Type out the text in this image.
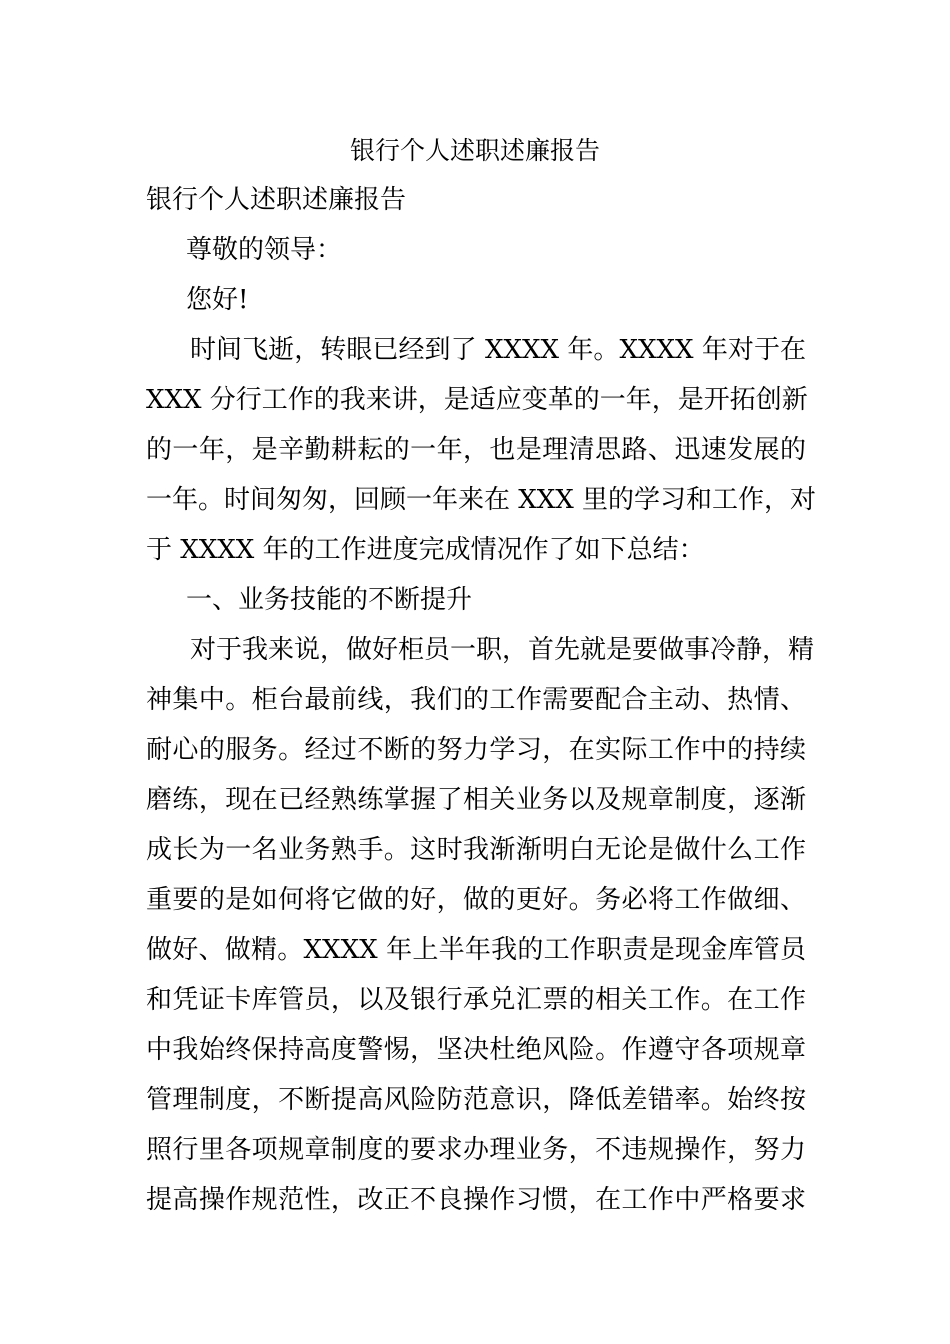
银行个人述职述廉报告

银行个人述职述廉报告

尊敬的领导：

您好!

时间飞逝，转眼已经到了 XXXX 年。XXXX 年对于在

XXX 分行工作的我来讲，是适应变革的一年，是开拓创新

的一年，是辛勤耕耘的一年，也是理清思路、迅速发展的

一年。时间匆匆，回顾一年来在 XXX 里的学习和工作，对

于 XXXX 年的工作进度完成情况作了如下总结：

一、业务技能的不断提升

对于我来说，做好柜员一职，首先就是要做事冷静，精

神集中。柜台最前线，我们的工作需要配合主动、热情、

耐心的服务。经过不断的努力学习，在实际工作中的持续

磨练，现在已经熟练掌握了相关业务以及规章制度，逐渐

成长为一名业务熟手。这时我渐渐明白无论是做什么工作

重要的是如何将它做的好，做的更好。务必将工作做细、

做好、做精。XXXX 年上半年我的工作职责是现金库管员

和凭证卡库管员，以及银行承兑汇票的相关工作。在工作

中我始终保持高度警惕，坚决杜绝风险。作遵守各项规章

管理制度，不断提高风险防范意识，降低差错率。始终按

照行里各项规章制度的要求办理业务，不违规操作，努力

提高操作规范性，改正不良操作习惯，在工作中严格要求
